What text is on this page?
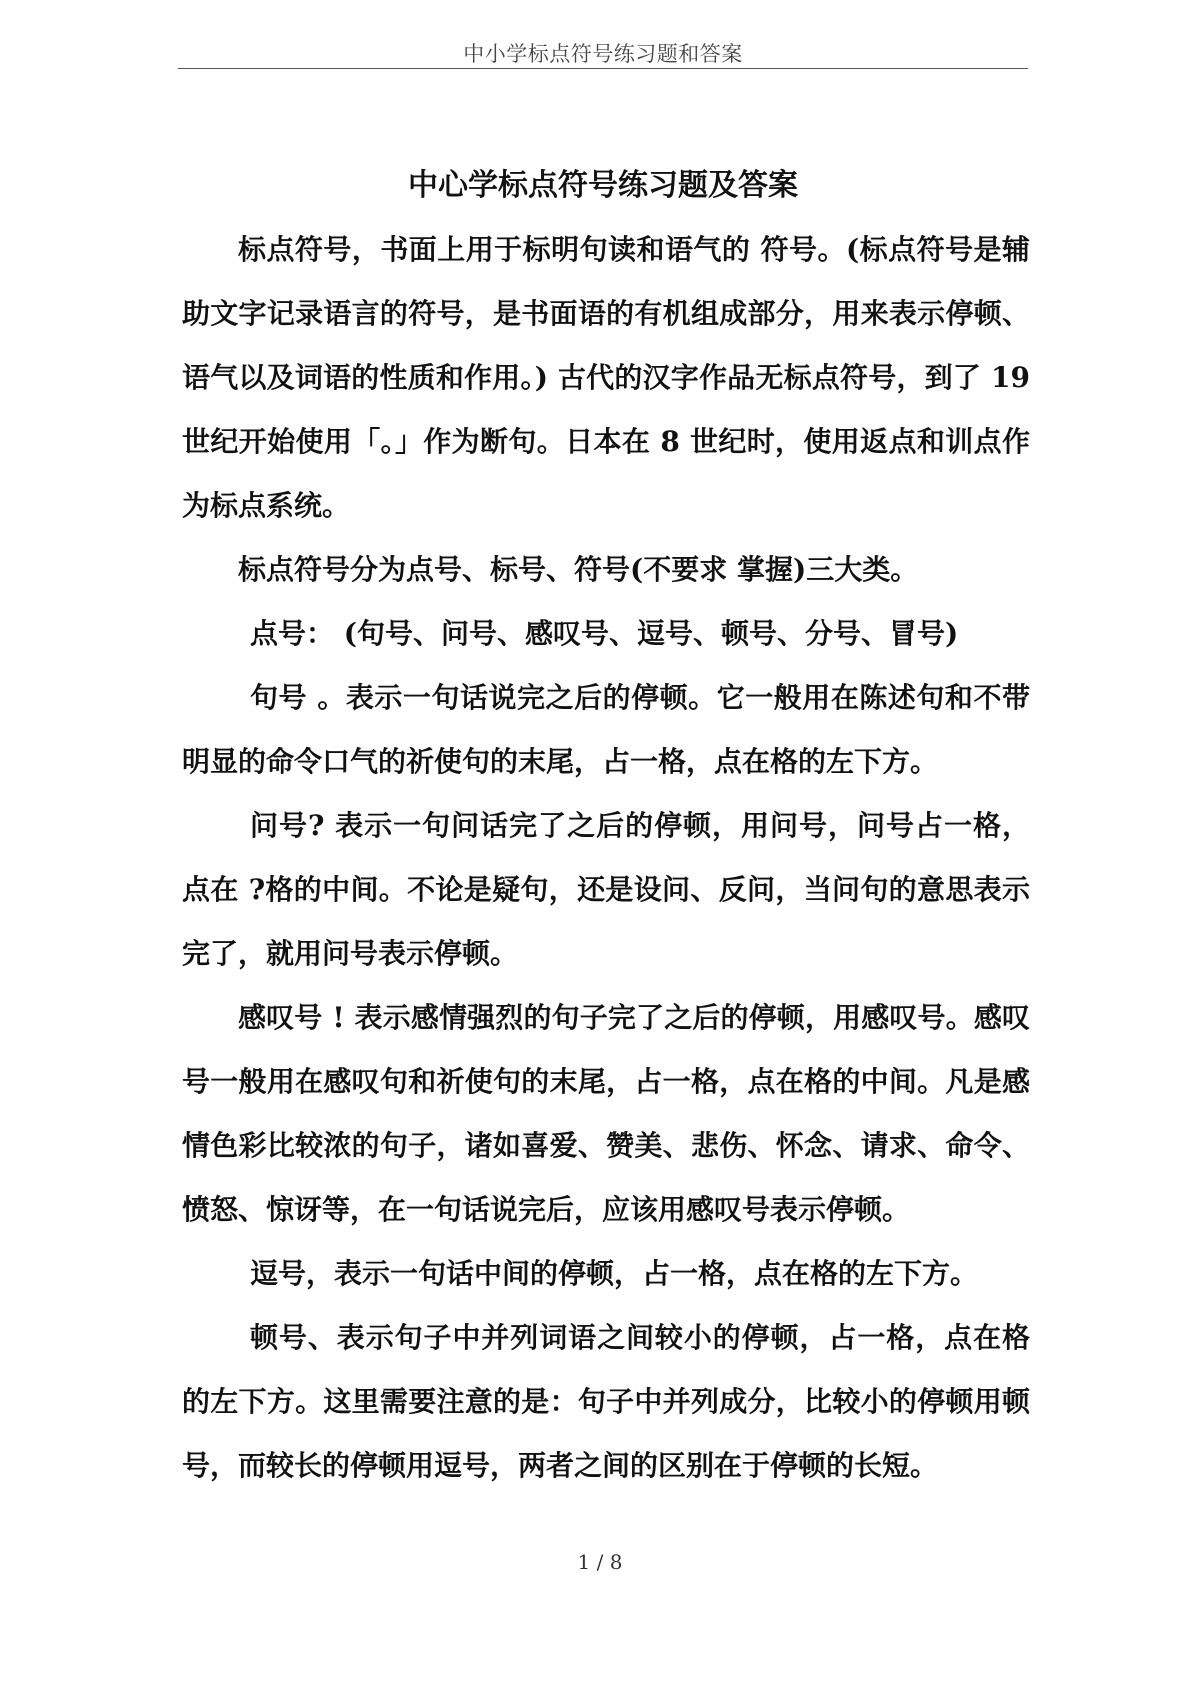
中小学标点符号练习题和答案
中心学标点符号练习题及答案

标点符号，书面上用于标明句读和语气的 符号。(标点符号是辅助文字记录语言的符号，是书面语的有机组成部分，用来表示停顿、语气以及词语的性质和作用。) 古代的汉字作品无标点符号，到了 19 世纪开始使用「。」作为断句。日本在 8 世纪时，使用返点和训点作为标点系统。

标点符号分为点号、标号、符号(不要求 掌握)三大类。

点号： (句号、问号、感叹号、逗号、顿号、分号、冒号)

句号 。表示一句话说完之后的停顿。它一般用在陈述句和不带明显的命令口气的祈使句的末尾，占一格，点在格的左下方。

问号? 表示一句问话完了之后的停顿，用问号，问号占一格，点在 ?格的中间。不论是疑句，还是设问、反问，当问句的意思表示完了，就用问号表示停顿。

感叹号 ! 表示感情强烈的句子完了之后的停顿，用感叹号。感叹号一般用在感叹句和祈使句的末尾，占一格，点在格的中间。凡是感情色彩比较浓的句子，诸如喜爱、赞美、悲伤、怀念、请求、命令、愤怒、惊讶等，在一句话说完后，应该用感叹号表示停顿。

逗号，表示一句话中间的停顿，占一格，点在格的左下方。

顿号、表示句子中并列词语之间较小的停顿，占一格，点在格的左下方。这里需要注意的是：句子中并列成分，比较小的停顿用顿号，而较长的停顿用逗号，两者之间的区别在于停顿的长短。

1 / 8
